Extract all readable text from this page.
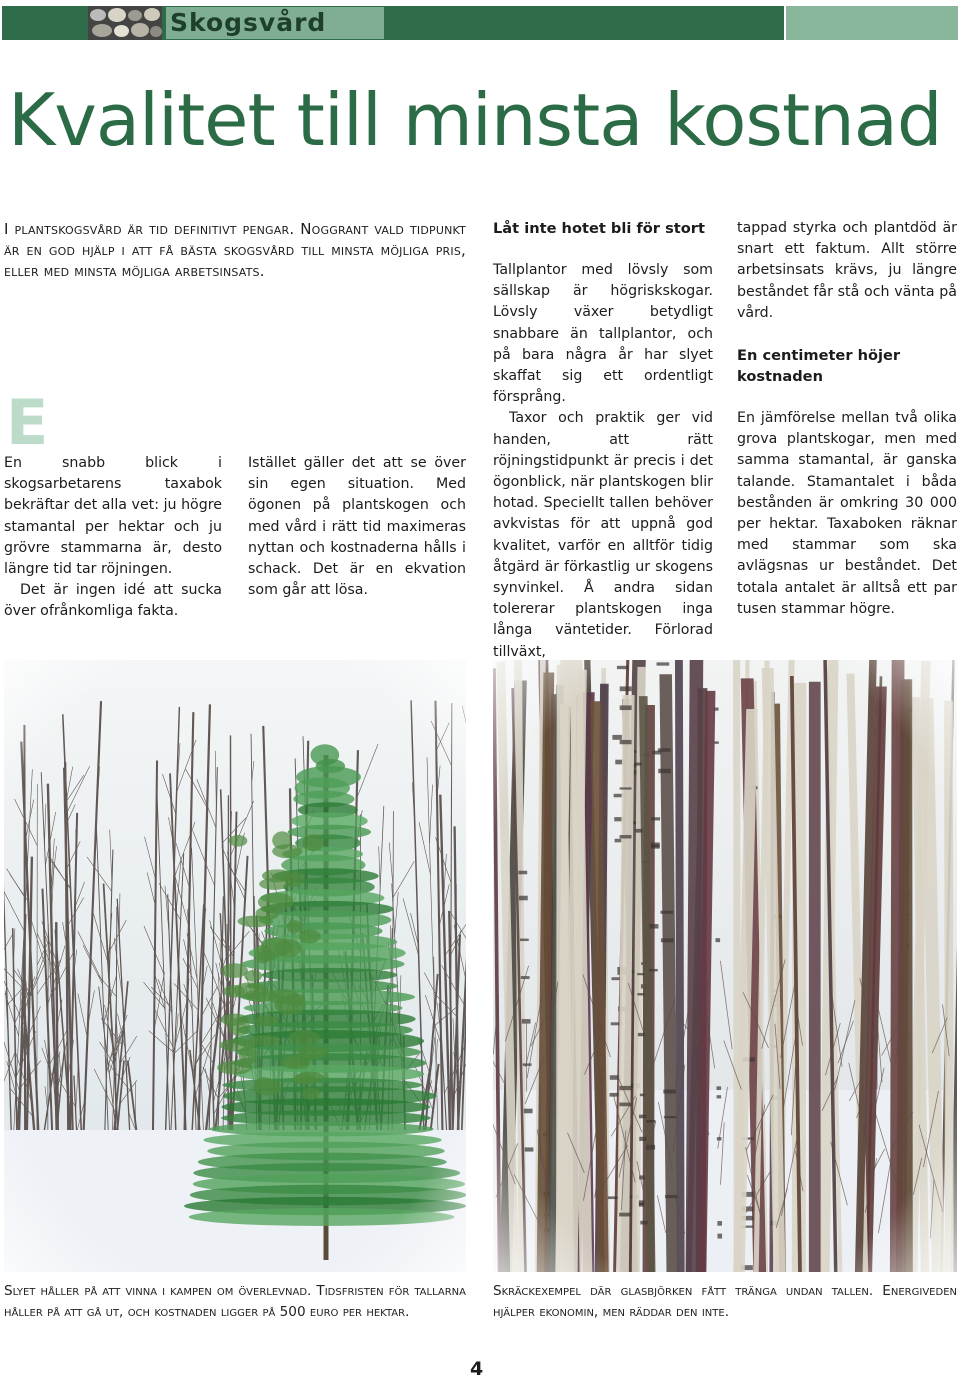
Skogsvård
Kvalitet till minsta kostnad
I plantskogsvård är tid definitivt pengar. Noggrant vald tidpunkt är en god hjälp i att få bästa skogsvård till minsta möjliga pris, eller med minsta möjliga arbetsinsats.
E

En snabb blick i skogsarbetarens taxabok bekräftar det alla vet: ju högre stamantal per hektar och ju grövre stammarna är, desto längre tid tar röjningen.

Det är ingen idé att sucka över ofrånkomliga fakta.

Istället gäller det att se över sin egen situation. Med ögonen på plantskogen och med vård i rätt tid maximeras nyttan och kostnaderna hålls i schack. Det är en ekvation som går att lösa.

Låt inte hotet bli för stort

Tallplantor med lövsly som sällskap är högriskskogar. Lövsly växer betydligt snabbare än tallplantor, och på bara några år har slyet skaffat sig ett ordentligt försprång.

Taxor och praktik ger vid handen, att rätt röjningstidpunkt är precis i det ögonblick, när plantskogen blir hotad. Speciellt tallen behöver avkvistas för att uppnå god kvalitet, varför en alltför tidig åtgärd är förkastlig ur skogens synvinkel. Å andra sidan tolererar plantskogen inga långa väntetider. Förlorad tillväxt,

tappad styrka och plantdöd är snart ett faktum. Allt större arbetsinsats krävs, ju längre beståndet får stå och vänta på vård.

En centimeter höjer kostnaden

En jämförelse mellan två olika grova plantskogar, men med samma stamantal, är ganska talande. Stamantalet i båda bestånden är omkring 30 000 per hektar. Taxaboken räknar med stammar som ska avlägsnas ur beståndet. Det totala antalet är alltså ett par tusen stammar högre.

Slyet håller på att vinna i kampen om överlevnad. Tidsfristen för tallarna håller på att gå ut, och kostnaden ligger på 500 euro per hektar.
Skräckexempel där glasbjörken fått tränga undan tallen. Energiveden hjälper ekonomin, men räddar den inte.
4
